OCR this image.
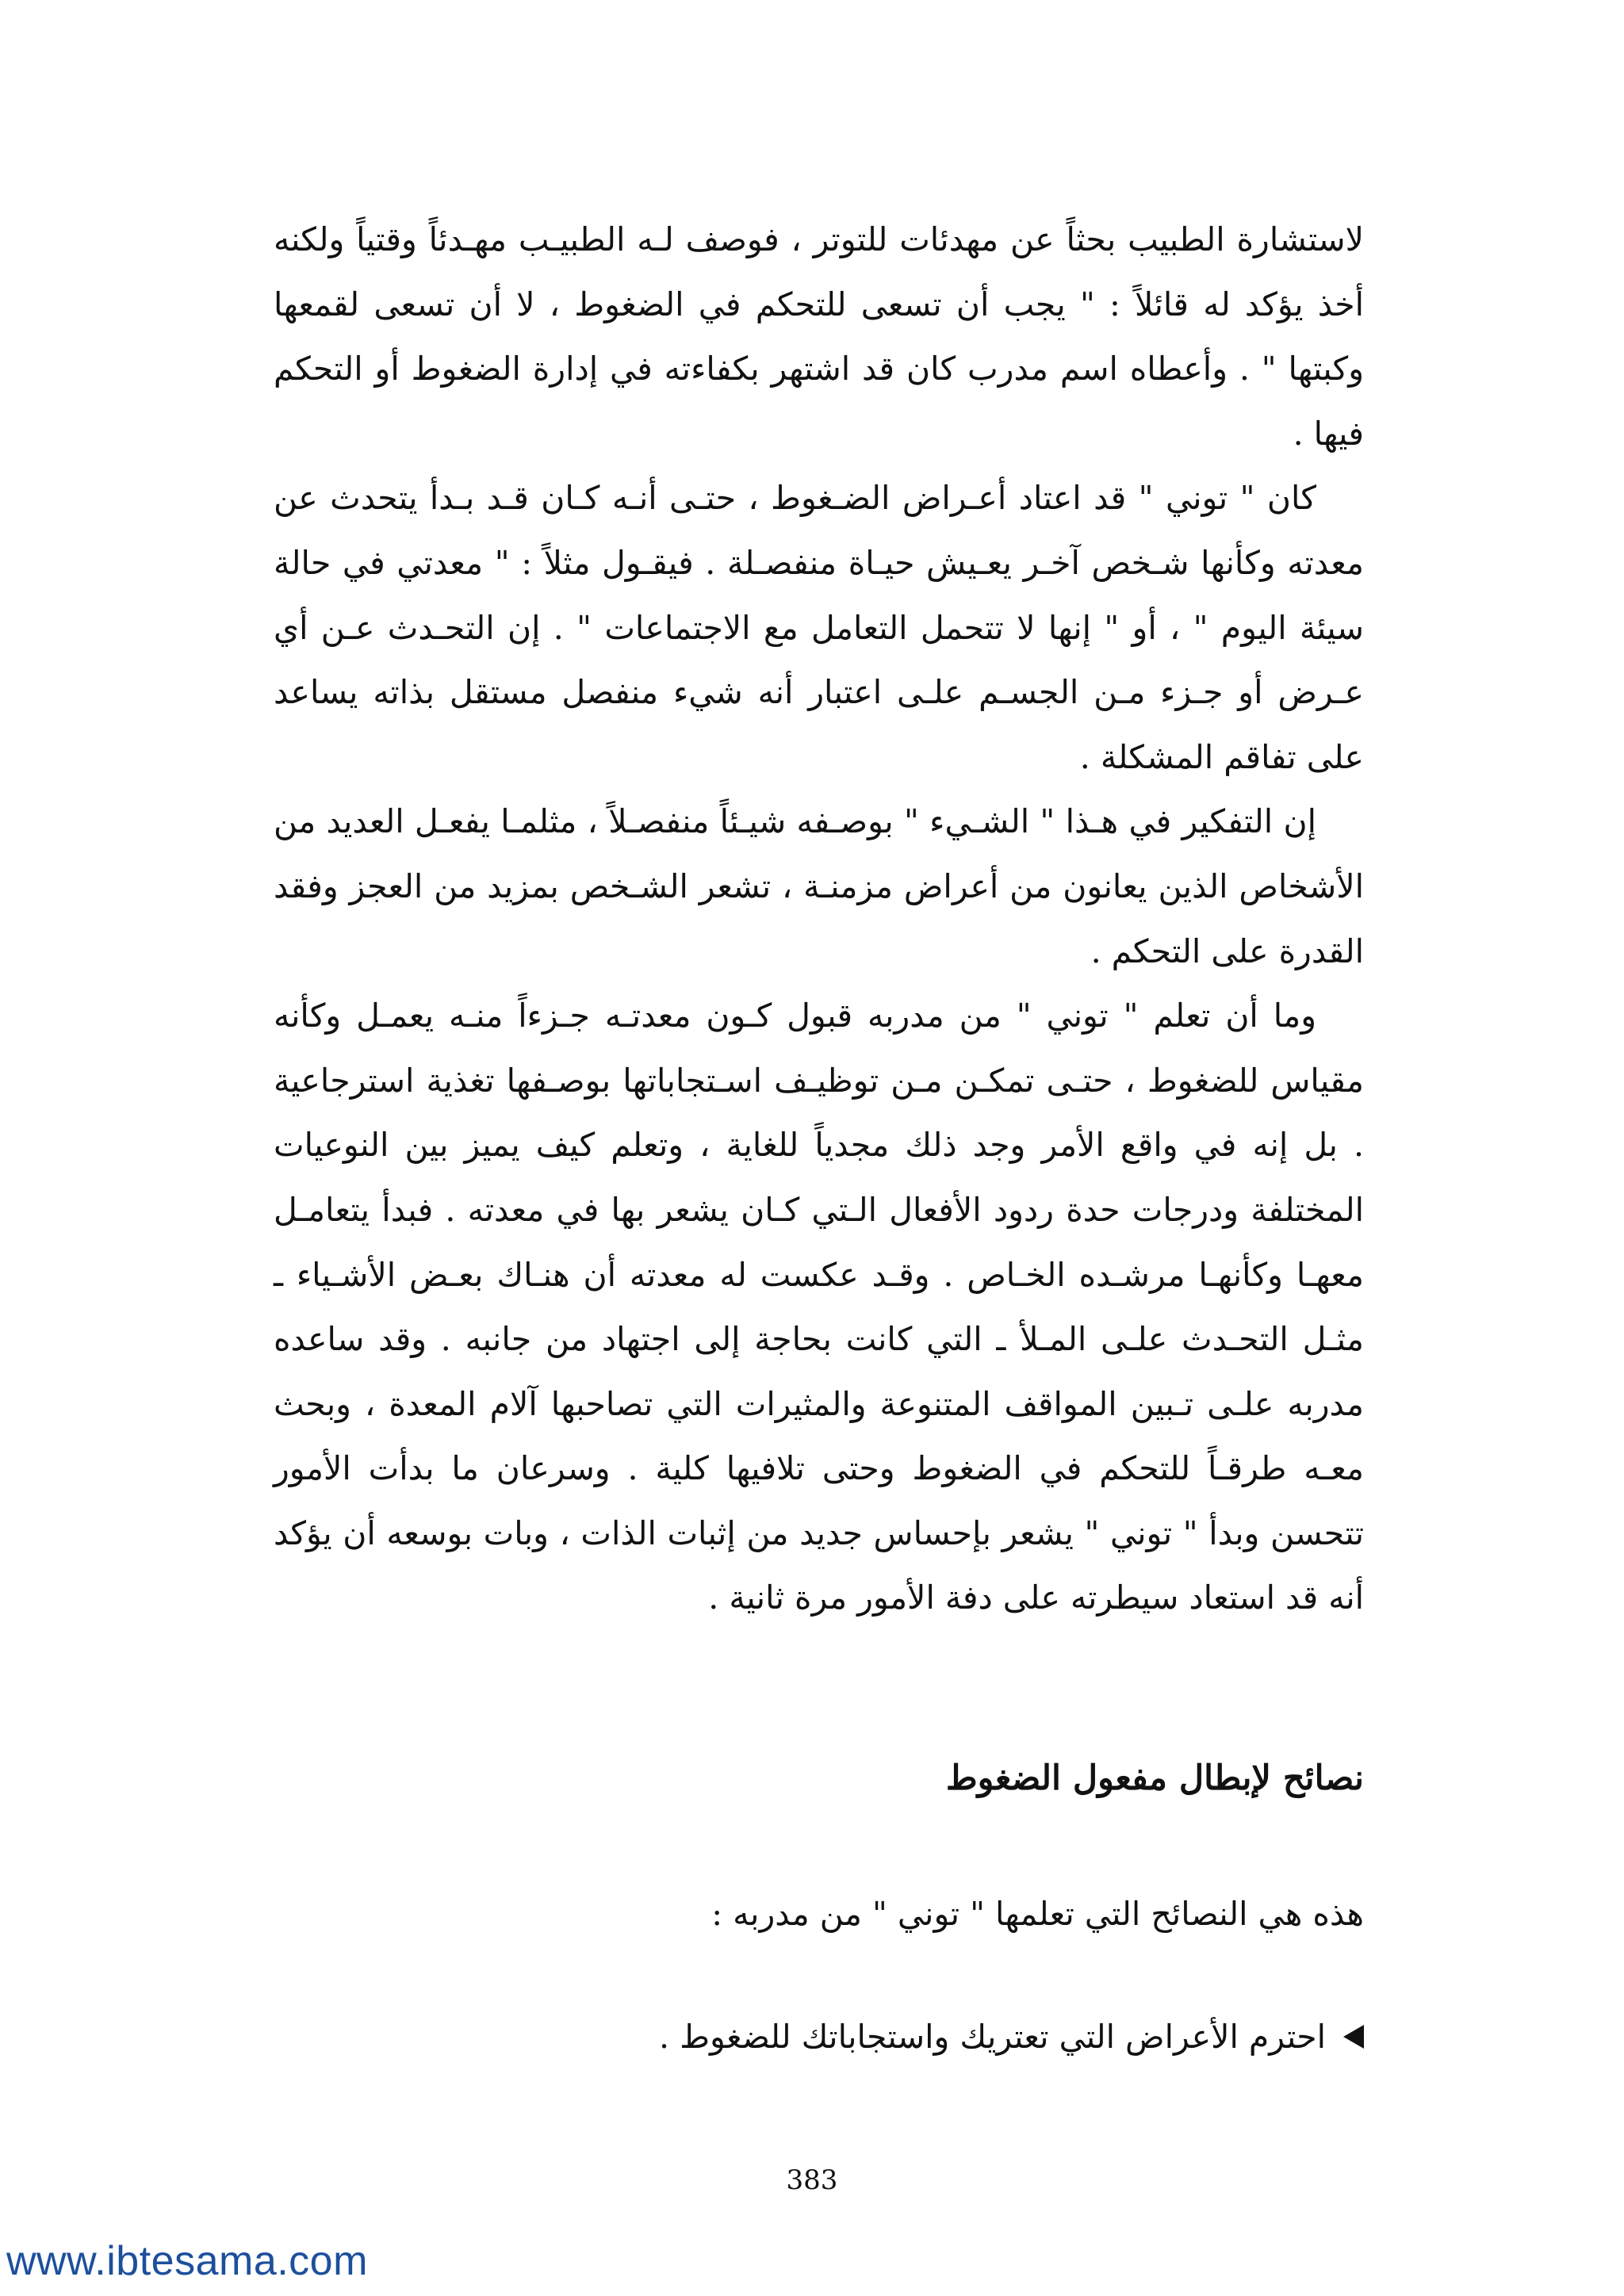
لاستشارة الطبيب بحثاً عن مهدئات للتوتر ، فوصف لـه الطبيـب مهـدئاً وقتياً ولكنه أخذ يؤكد له قائلاً : " يجب أن تسعى للتحكم في الضغوط ، لا أن تسعى لقمعها وكبتها " . وأعطاه اسم مدرب كان قد اشتهر بكفاءته في إدارة الضغوط أو التحكم فيها .

كان " توني " قد اعتاد أعـراض الضـغوط ، حتـى أنـه كـان قـد بـدأ يتحدث عن معدته وكأنها شـخص آخـر يعـيش حيـاة منفصـلة . فيقـول مثلاً : " معدتي في حالة سيئة اليوم " ، أو " إنها لا تتحمل التعامل مع الاجتماعات " . إن التحـدث عـن أي عـرض أو جـزء مـن الجسـم علـى اعتبار أنه شيء منفصل مستقل بذاته يساعد على تفاقم المشكلة .

إن التفكير في هـذا " الشـيء " بوصـفه شيـئاً منفصـلاً ، مثلمـا يفعـل العديد من الأشخاص الذين يعانون من أعراض مزمنـة ، تشعر الشـخص بمزيد من العجز وفقد القدرة على التحكم .

وما أن تعلم " توني " من مدربه قبول كـون معدتـه جـزءاً منـه يعمـل وكأنه مقياس للضغوط ، حتـى تمكـن مـن توظيـف اسـتجاباتها بوصـفها تغذية استرجاعية . بل إنه في واقع الأمر وجد ذلك مجدياً للغاية ، وتعلم كيف يميز بين النوعيات المختلفة ودرجات حدة ردود الأفعال الـتي كـان يشعر بها في معدته . فبدأ يتعامـل معهـا وكأنهـا مرشـده الخـاص . وقـد عكست له معدته أن هنـاك بعـض الأشـياء ـ مثـل التحـدث علـى المـلأ ـ التي كانت بحاجة إلى اجتهاد من جانبه . وقد ساعده مدربه علـى تـبين المواقف المتنوعة والمثيرات التي تصاحبها آلام المعدة ، وبحث معـه طرقـاً للتحكم في الضغوط وحتى تلافيها كلية . وسرعان ما بدأت الأمور تتحسن وبدأ " توني " يشعر بإحساس جديد من إثبات الذات ، وبات بوسعه أن يؤكد أنه قد استعاد سيطرته على دفة الأمور مرة ثانية .

نصائح لإبطال مفعول الضغوط

هذه هي النصائح التي تعلمها " توني " من مدربه :

احترم الأعراض التي تعتريك واستجاباتك للضغوط .
383
www.ibtesama.com
